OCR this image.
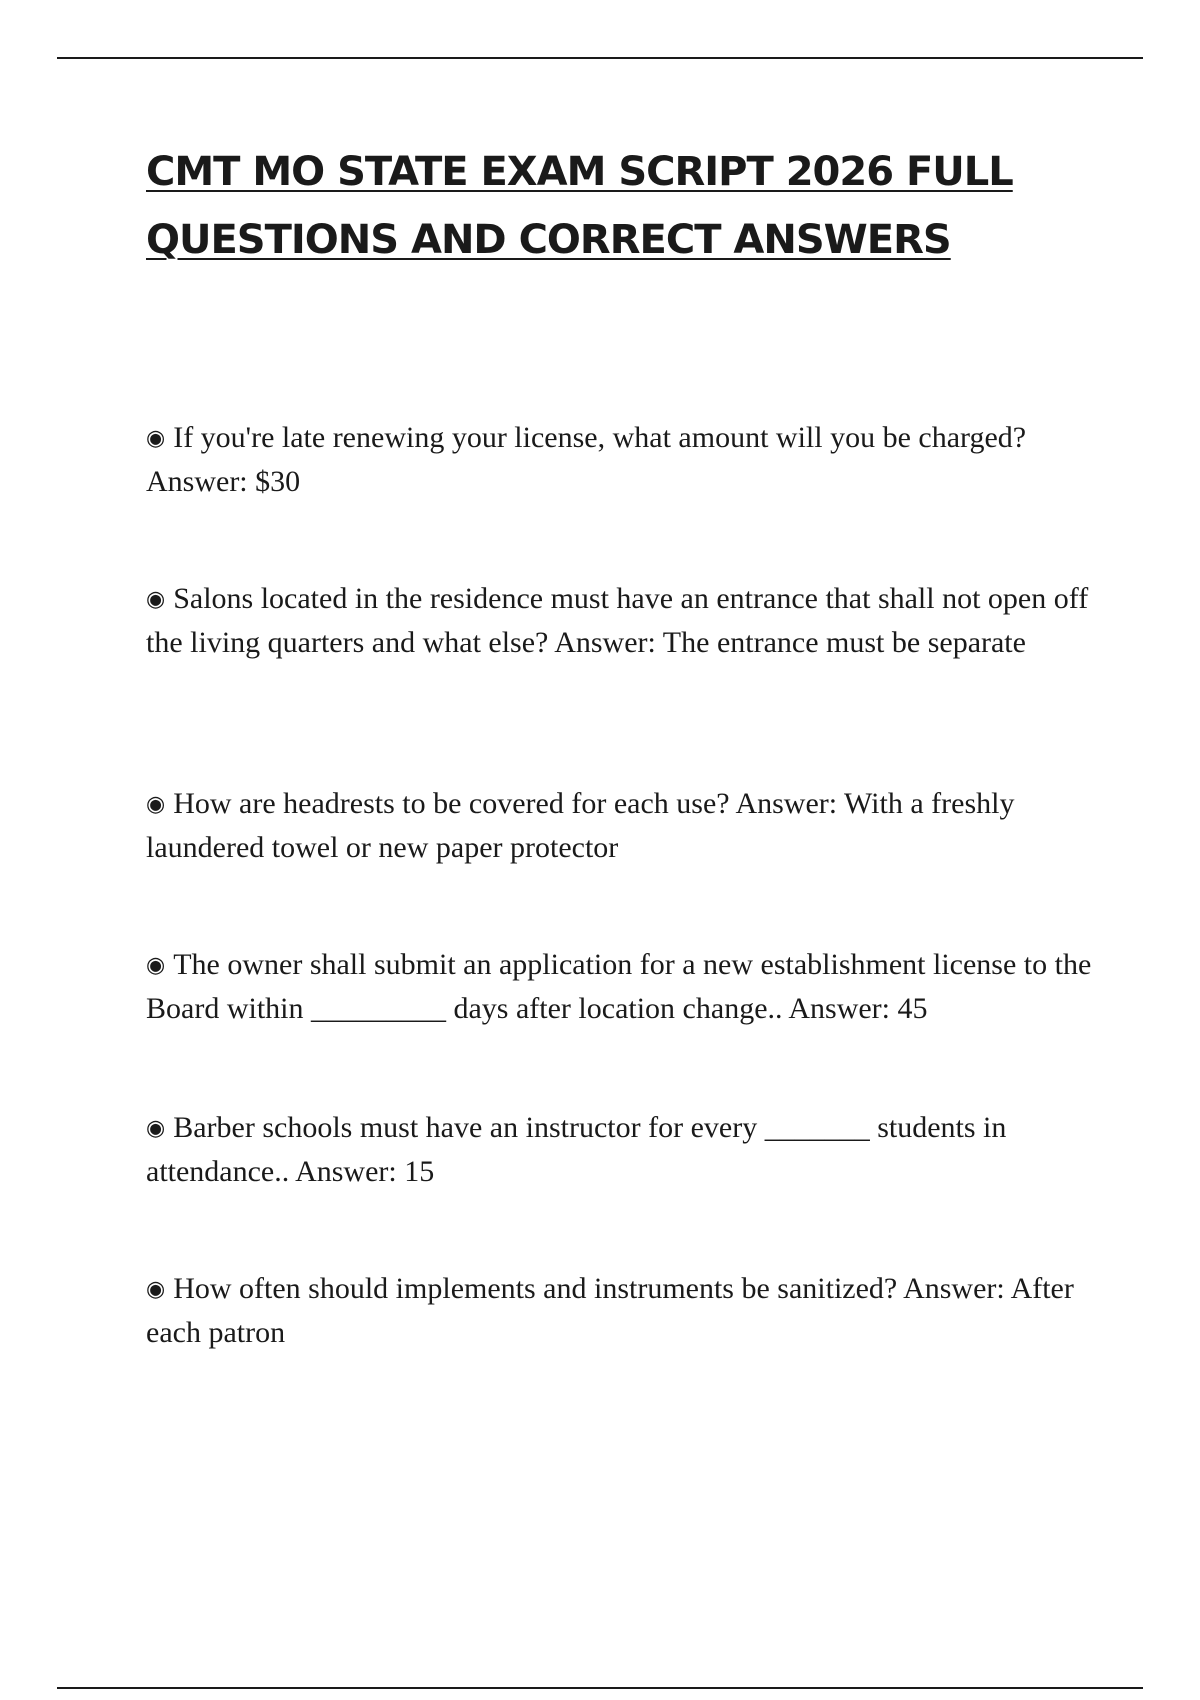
CMT MO STATE EXAM SCRIPT 2026 FULL QUESTIONS AND CORRECT ANSWERS
◉ If you're late renewing your license, what amount will you be charged? Answer: $30
◉ Salons located in the residence must have an entrance that shall not open off the living quarters and what else? Answer: The entrance must be separate
◉ How are headrests to be covered for each use? Answer: With a freshly laundered towel or new paper protector
◉ The owner shall submit an application for a new establishment license to the Board within _________ days after location change.. Answer: 45
◉ Barber schools must have an instructor for every _______ students in attendance.. Answer: 15
◉ How often should implements and instruments be sanitized? Answer: After each patron
